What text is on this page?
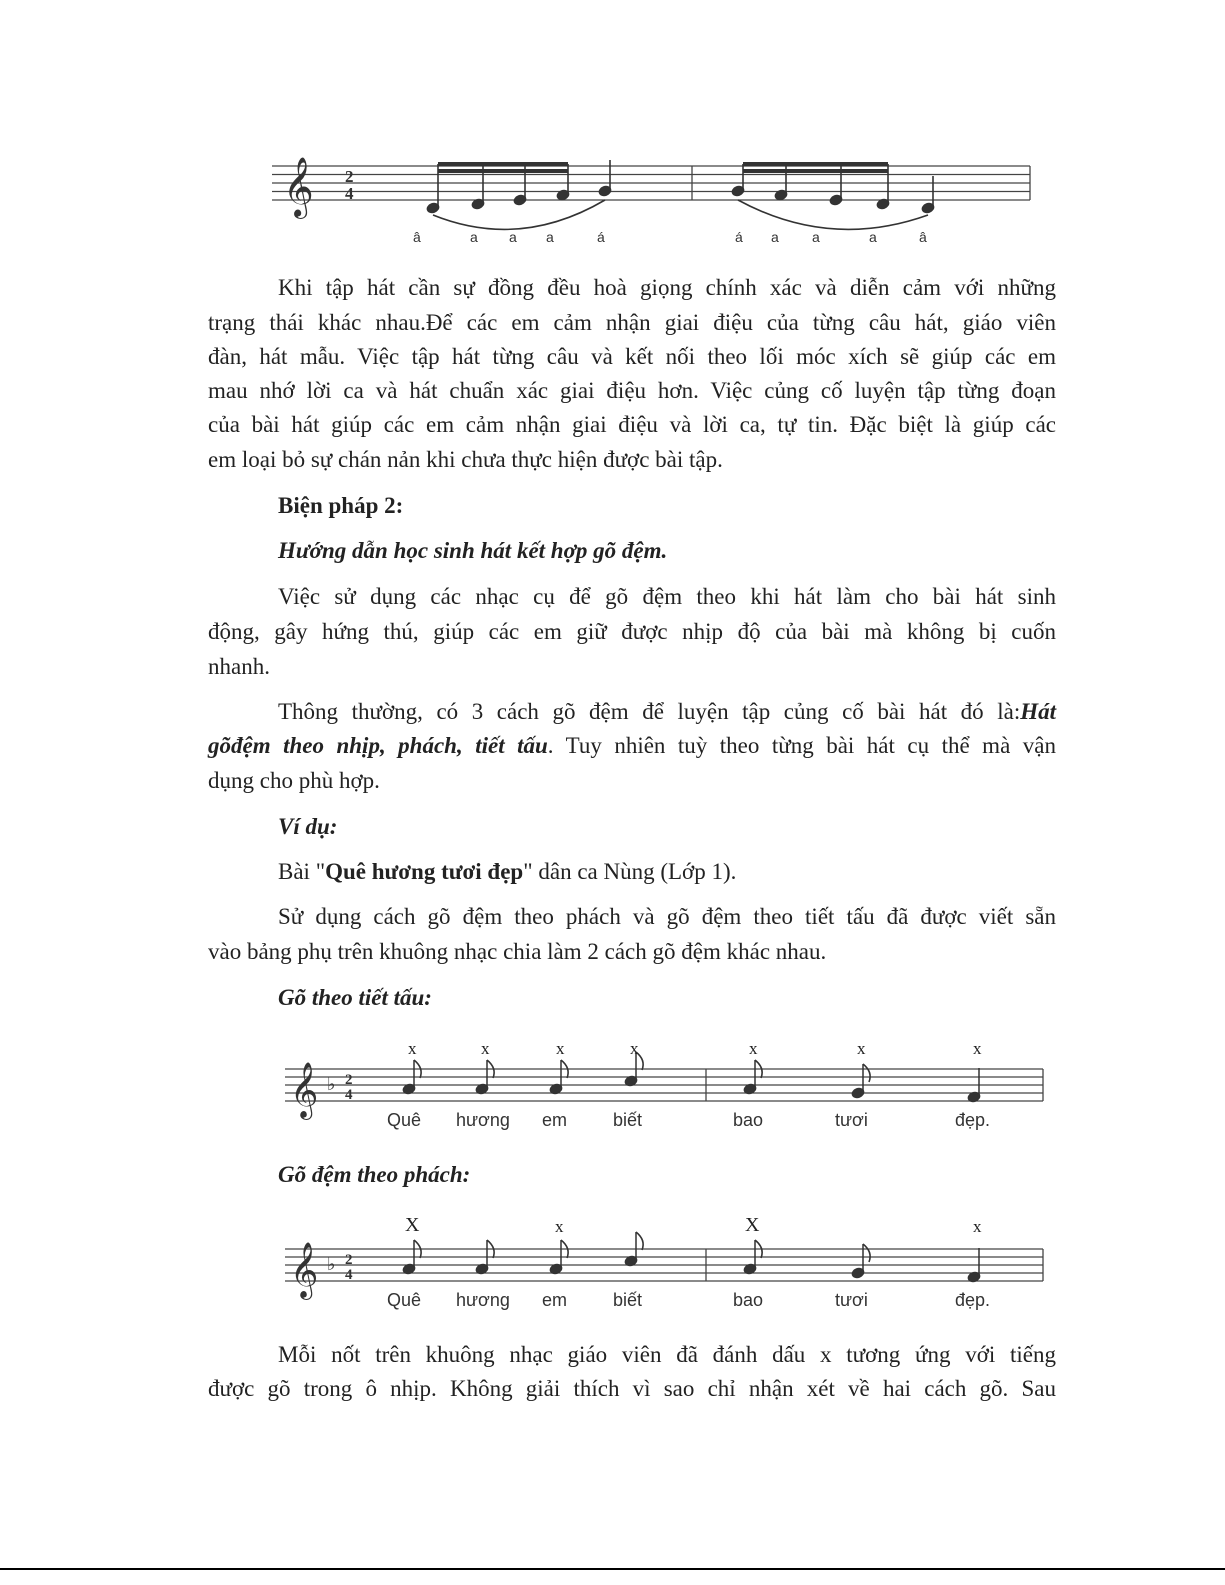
𝄞 2
4
â	a a a	á	á a a	a	â
Khi tập hát cần sự đồng đều hoà giọng chính xác và diễn cảm với những
trạng thái khác nhau.Để các em cảm nhận giai điệu của từng câu hát, giáo viên
đàn, hát mẫu. Việc tập hát từng câu và kết nối theo lối móc xích sẽ giúp các em
mau nhớ lời ca và hát chuẩn xác giai điệu hơn. Việc củng cố luyện tập từng đoạn
của bài hát giúp các em cảm nhận giai điệu và lời ca, tự tin. Đặc biệt là giúp các
em loại bỏ sự chán nản khi chưa thực hiện được bài tập.
Biện pháp 2:
Hướng dẫn học sinh hát kết hợp gõ đệm.
Việc sử dụng các nhạc cụ để gõ đệm theo khi hát làm cho bài hát sinh
động, gây hứng thú, giúp các em giữ được nhịp độ của bài mà không bị cuốn
nhanh.
Thông thường, có 3 cách gõ đệm để luyện tập củng cố bài hát đó là:Hát
gõđệm theo nhịp, phách, tiết tấu. Tuy nhiên tuỳ theo từng bài hát cụ thể mà vận
dụng cho phù hợp.
Ví dụ:
Bài "Quê hương tươi đẹp" dân ca Nùng (Lớp 1).
Sử dụng cách gõ đệm theo phách và gõ đệm theo tiết tấu đã được viết sẵn
vào bảng phụ trên khuông nhạc chia làm 2 cách gõ đệm khác nhau.
Gõ theo tiết tấu:
𝄞 ♭ 2
4
𝄞 ♭ 2
4
x	x	x	x	x	x	x
Quê hương em	biết	bao	tươi	đẹp.
Gõ đệm theo phách:
X	x	X	x
Quê hương em	biết	bao	tươi	đẹp.
Mỗi nốt trên khuông nhạc giáo viên đã đánh dấu x tương ứng với tiếng
được gõ trong ô nhịp. Không giải thích vì sao chỉ nhận xét về hai cách gõ. Sau
